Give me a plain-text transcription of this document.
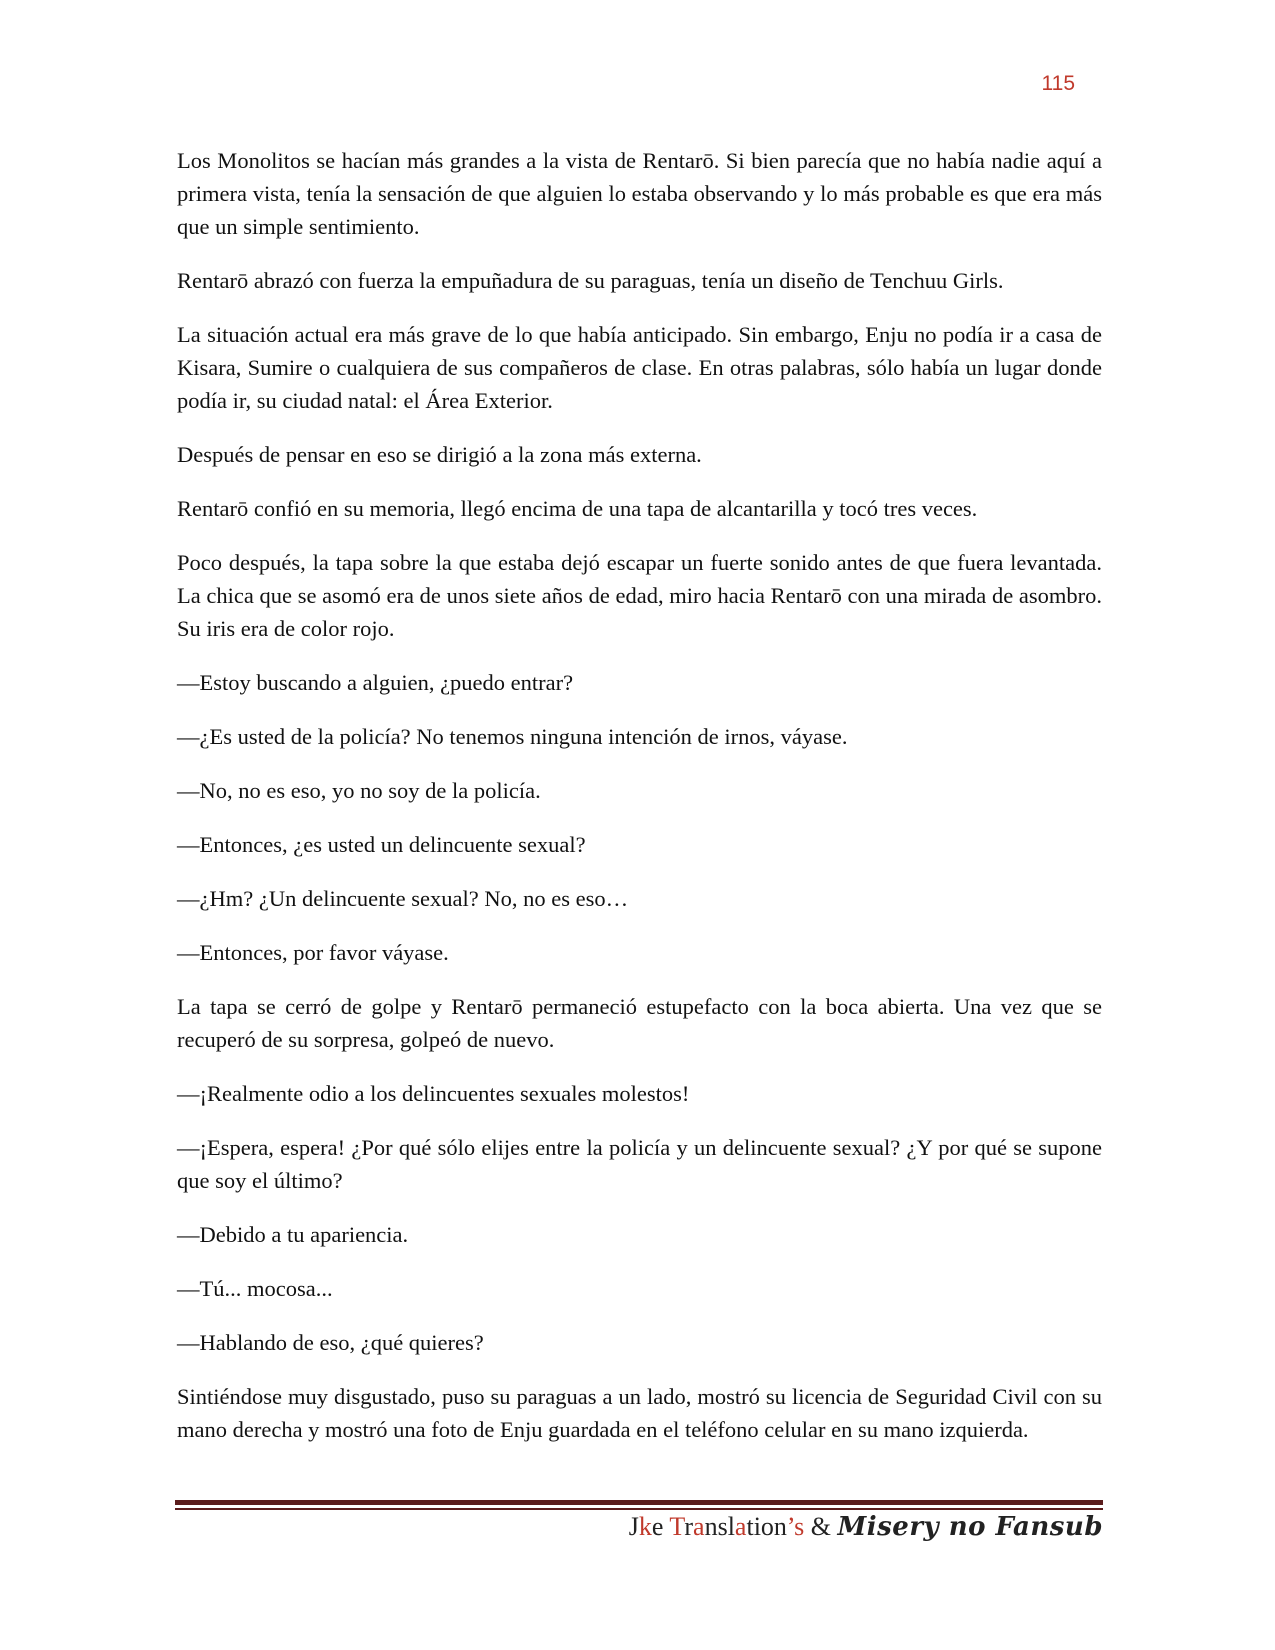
115

Los Monolitos se hacían más grandes a la vista de Rentarō. Si bien parecía que no había nadie aquí a primera vista, tenía la sensación de que alguien lo estaba observando y lo más probable es que era más que un simple sentimiento.

Rentarō abrazó con fuerza la empuñadura de su paraguas, tenía un diseño de Tenchuu Girls.

La situación actual era más grave de lo que había anticipado. Sin embargo, Enju no podía ir a casa de Kisara, Sumire o cualquiera de sus compañeros de clase. En otras palabras, sólo había un lugar donde podía ir, su ciudad natal: el Área Exterior.

Después de pensar en eso se dirigió a la zona más externa.

Rentarō confió en su memoria, llegó encima de una tapa de alcantarilla y tocó tres veces.

Poco después, la tapa sobre la que estaba dejó escapar un fuerte sonido antes de que fuera levantada. La chica que se asomó era de unos siete años de edad, miro hacia Rentarō con una mirada de asombro. Su iris era de color rojo.

—Estoy buscando a alguien, ¿puedo entrar?

—¿Es usted de la policía? No tenemos ninguna intención de irnos, váyase.

—No, no es eso, yo no soy de la policía.

—Entonces, ¿es usted un delincuente sexual?

—¿Hm? ¿Un delincuente sexual? No, no es eso…

—Entonces, por favor váyase.

La tapa se cerró de golpe y Rentarō permaneció estupefacto con la boca abierta. Una vez que se recuperó de su sorpresa, golpeó de nuevo.

—¡Realmente odio a los delincuentes sexuales molestos!

—¡Espera, espera! ¿Por qué sólo elijes entre la policía y un delincuente sexual? ¿Y por qué se supone que soy el último?

—Debido a tu apariencia.

—Tú... mocosa...

—Hablando de eso, ¿qué quieres?

Sintiéndose muy disgustado, puso su paraguas a un lado, mostró su licencia de Seguridad Civil con su mano derecha y mostró una foto de Enju guardada en el teléfono celular en su mano izquierda.

Jke Translation’s & Misery no Fansub
